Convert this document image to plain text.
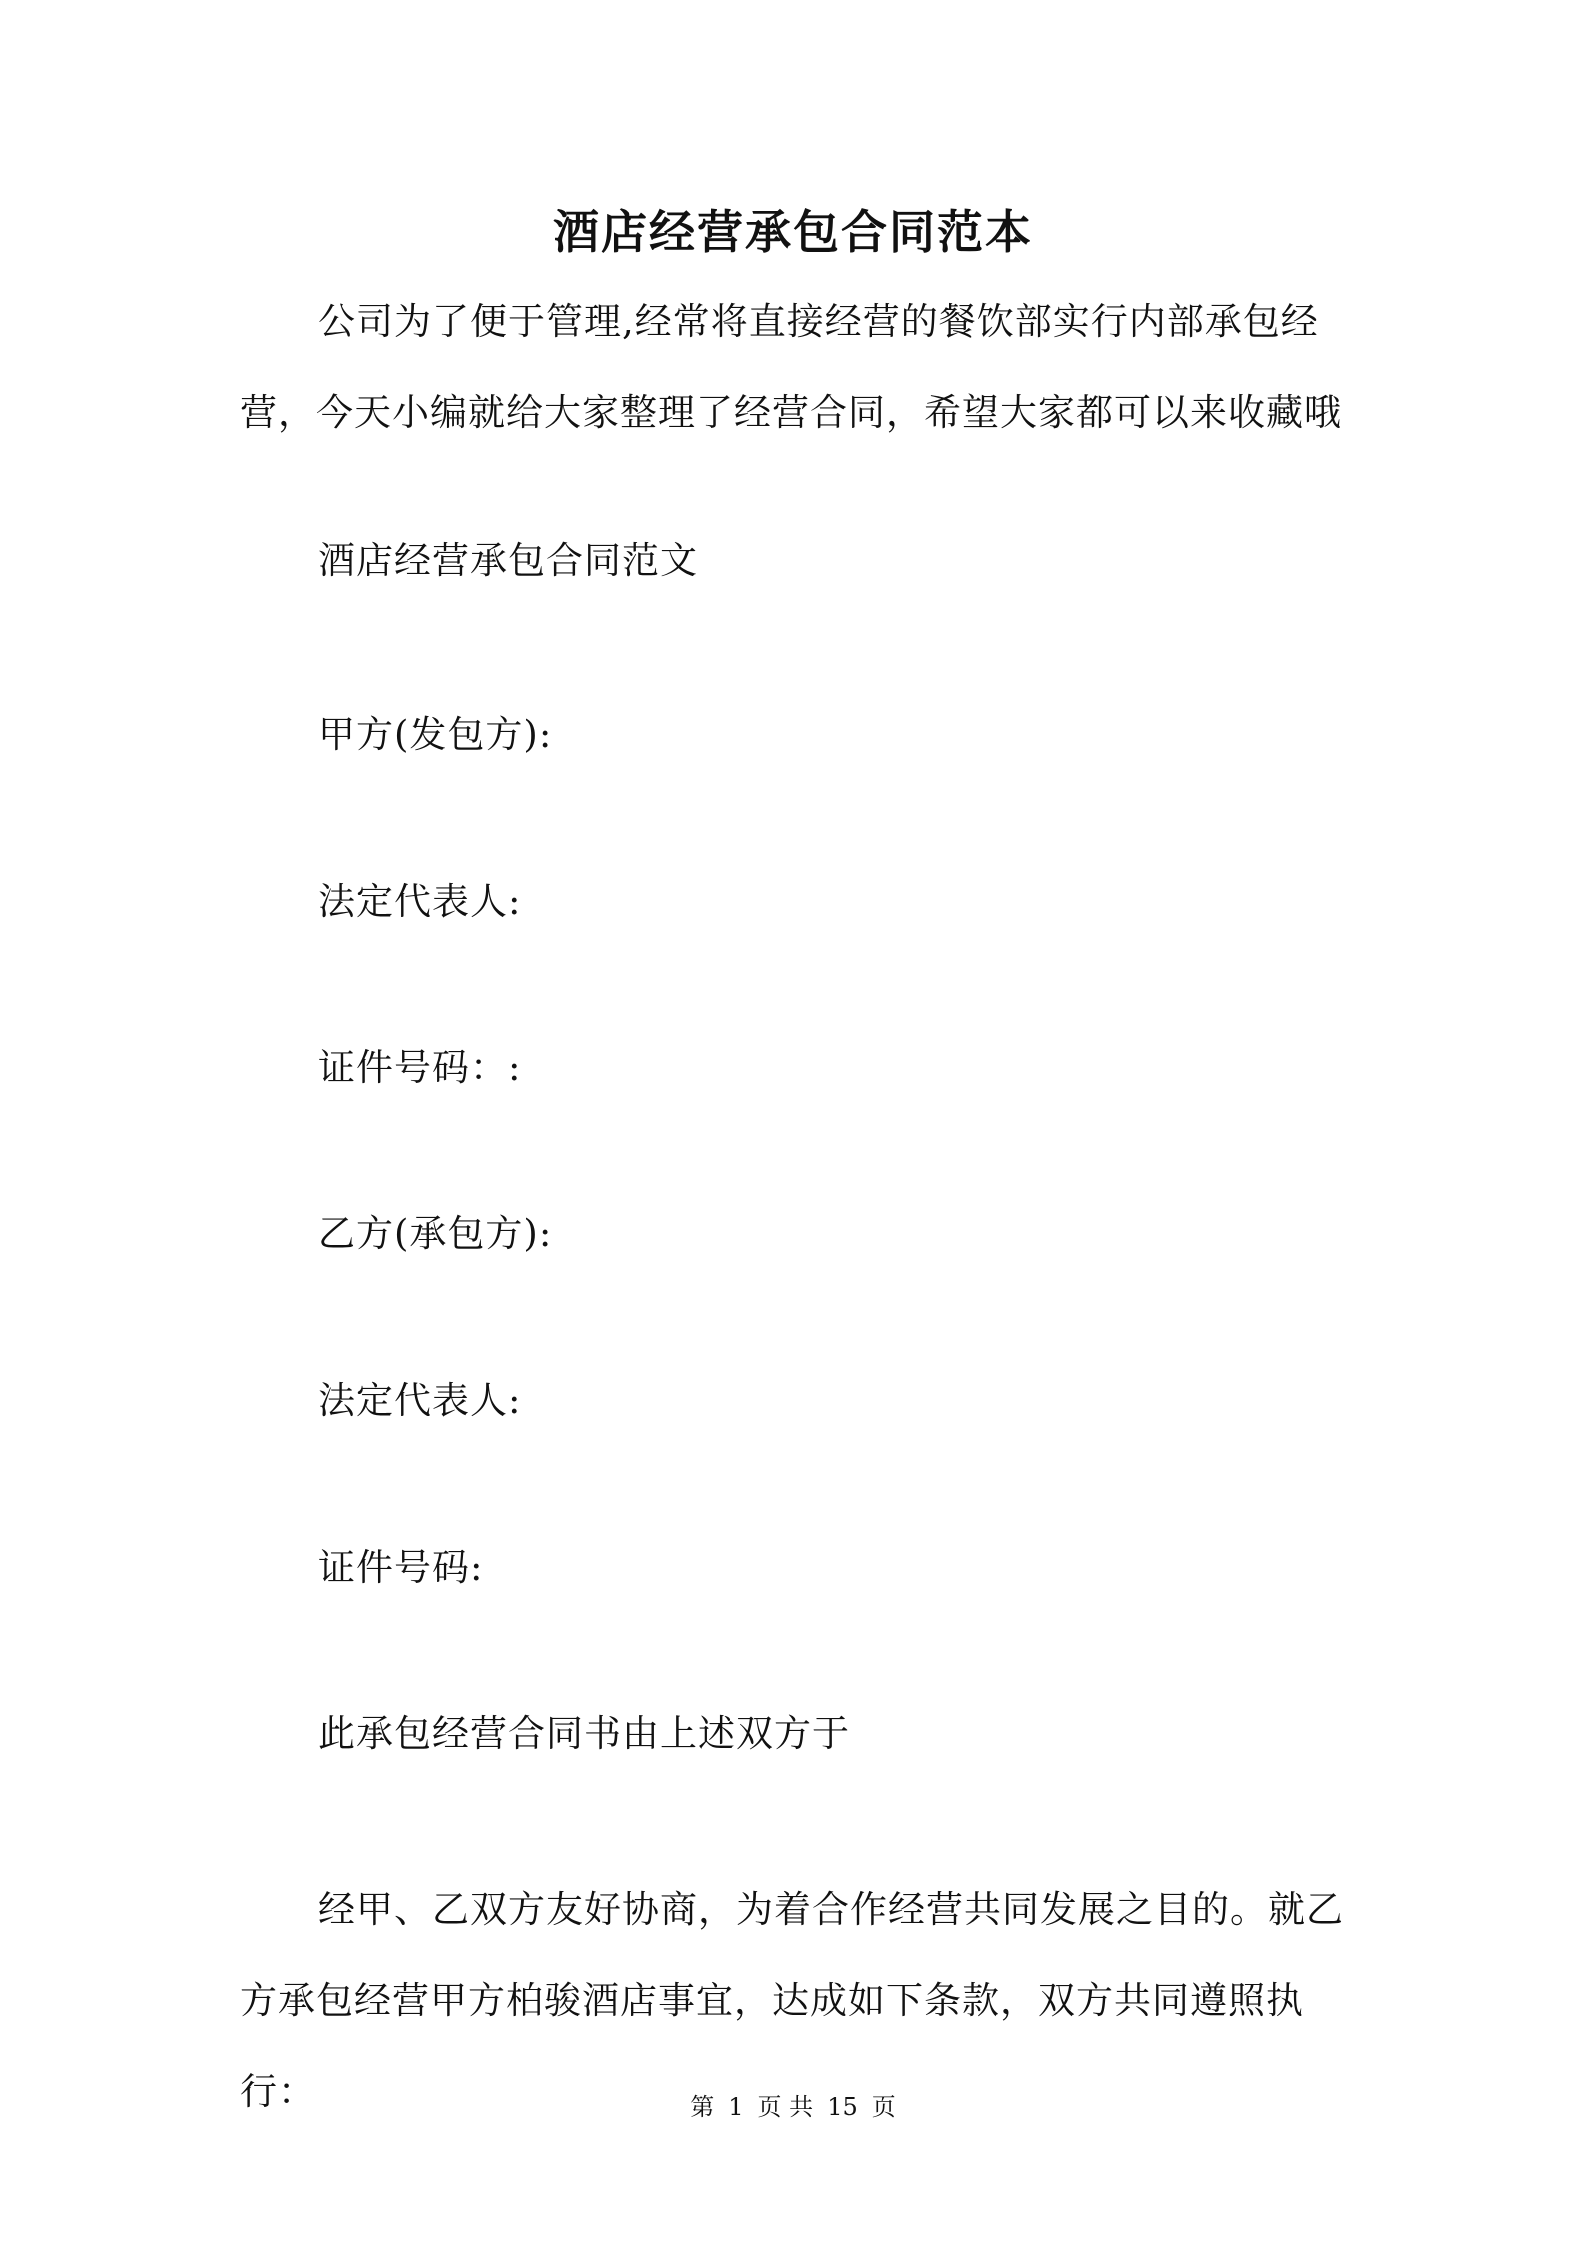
酒店经营承包合同范本
公司为了便于管理,经常将直接经营的餐饮部实行内部承包经营，今天小编就给大家整理了经营合同，希望大家都可以来收藏哦
酒店经营承包合同范文
甲方(发包方):
法定代表人:
证件号码：:
乙方(承包方):
法定代表人:
证件号码:
此承包经营合同书由上述双方于
经甲、乙双方友好协商，为着合作经营共同发展之目的。就乙方承包经营甲方柏骏酒店事宜，达成如下条款，双方共同遵照执行：	第 1 页 共 15 页
